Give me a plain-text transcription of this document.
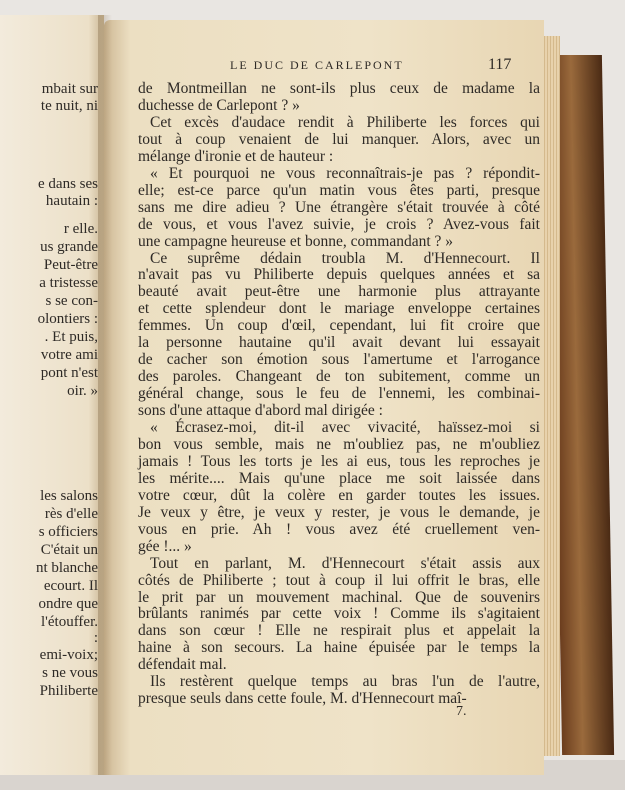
LE DUC DE CARLEPONT	117
7.
de Montmeillan ne sont-ils plus ceux de madame la
duchesse de Carlepont ? »
Cet excès d'audace rendit à Philiberte les forces qui
tout à coup venaient de lui manquer. Alors, avec un
mélange d'ironie et de hauteur :
« Et pourquoi ne vous reconnaîtrais-je pas ? répondit-
elle; est-ce parce qu'un matin vous êtes parti, presque
sans me dire adieu ? Une étrangère s'était trouvée à côté
de vous, et vous l'avez suivie, je crois ? Avez-vous fait
une campagne heureuse et bonne, commandant ? »
Ce suprême dédain troubla M. d'Hennecourt. Il
n'avait pas vu Philiberte depuis quelques années et sa
beauté avait peut-être une harmonie plus attrayante
et cette splendeur dont le mariage enveloppe certaines
femmes. Un coup d'œil, cependant, lui fit croire que
la personne hautaine qu'il avait devant lui essayait
de cacher son émotion sous l'amertume et l'arrogance
des paroles. Changeant de ton subitement, comme un
général change, sous le feu de l'ennemi, les combinai-
sons d'une attaque d'abord mal dirigée :
« Écrasez-moi, dit-il avec vivacité, haïssez-moi si
bon vous semble, mais ne m'oubliez pas, ne m'oubliez
jamais ! Tous les torts je les ai eus, tous les reproches je
les mérite.... Mais qu'une place me soit laissée dans
votre cœur, dût la colère en garder toutes les issues.
Je veux y être, je veux y rester, je vous le demande, je
vous en prie. Ah ! vous avez été cruellement ven-
gée !... »
Tout en parlant, M. d'Hennecourt s'était assis aux
côtés de Philiberte ; tout à coup il lui offrit le bras, elle
le prit par un mouvement machinal. Que de souvenirs
brûlants ranimés par cette voix ! Comme ils s'agitaient
dans son cœur ! Elle ne respirait plus et appelait la
haine à son secours. La haine épuisée par le temps la
défendait mal.
Ils restèrent quelque temps au bras l'un de l'autre,
presque seuls dans cette foule, M. d'Hennecourt maî-
mbait sur
te nuit, ni
e dans ses
hautain :
r elle.
us grande
Peut-être
a tristesse
s se con-
olontiers :
. Et puis,
votre ami
pont n'est
oir. »
les salons
rès d'elle
s officiers
C'était un
nt blanche
ecourt. Il
ondre que
l'étouffer.
:
emi-voix;
s ne vous
Philiberte
